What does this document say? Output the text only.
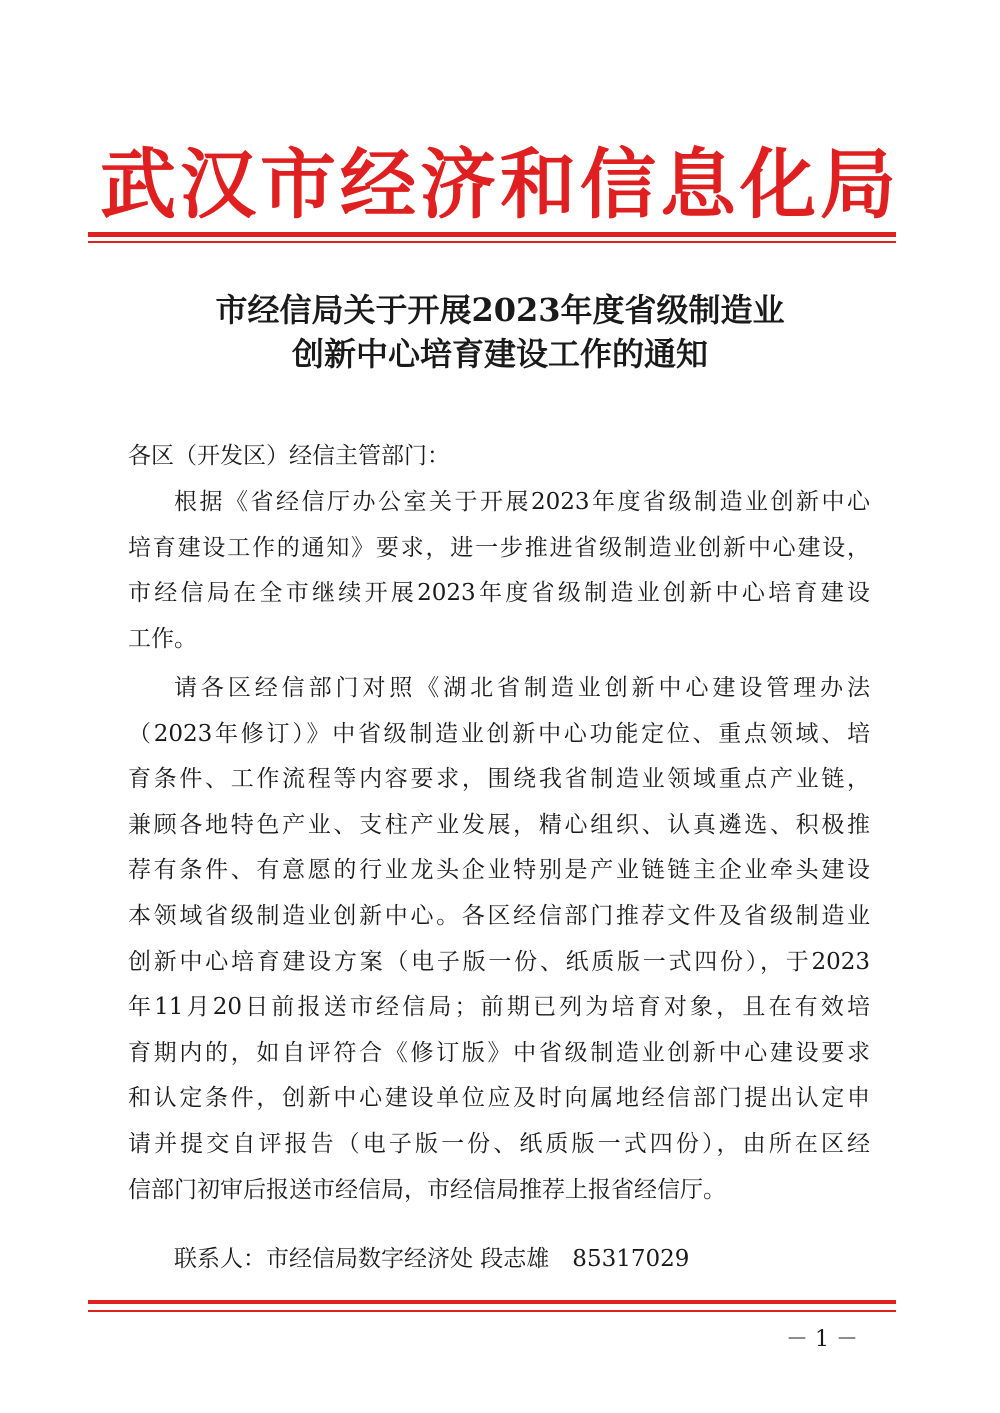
武汉市经济和信息化局
市经信局关于开展2023年度省级制造业
创新中心培育建设工作的通知
各区（开发区）经信主管部门：
根据《省经信厅办公室关于开展2023年度省级制造业创新中心
培育建设工作的通知》要求，进一步推进省级制造业创新中心建设，
市经信局在全市继续开展2023年度省级制造业创新中心培育建设
工作。
请各区经信部门对照《湖北省制造业创新中心建设管理办法
（2023年修订）》中省级制造业创新中心功能定位、重点领域、培
育条件、工作流程等内容要求，围绕我省制造业领域重点产业链，
兼顾各地特色产业、支柱产业发展，精心组织、认真遴选、积极推
荐有条件、有意愿的行业龙头企业特别是产业链链主企业牵头建设
本领域省级制造业创新中心。各区经信部门推荐文件及省级制造业
创新中心培育建设方案（电子版一份、纸质版一式四份），于2023
年11月20日前报送市经信局；前期已列为培育对象，且在有效培
育期内的，如自评符合《修订版》中省级制造业创新中心建设要求
和认定条件，创新中心建设单位应及时向属地经信部门提出认定申
请并提交自评报告（电子版一份、纸质版一式四份），由所在区经
信部门初审后报送市经信局，市经信局推荐上报省经信厅。
联系人：市经信局数字经济处 段志雄　85317029
－ 1 －
